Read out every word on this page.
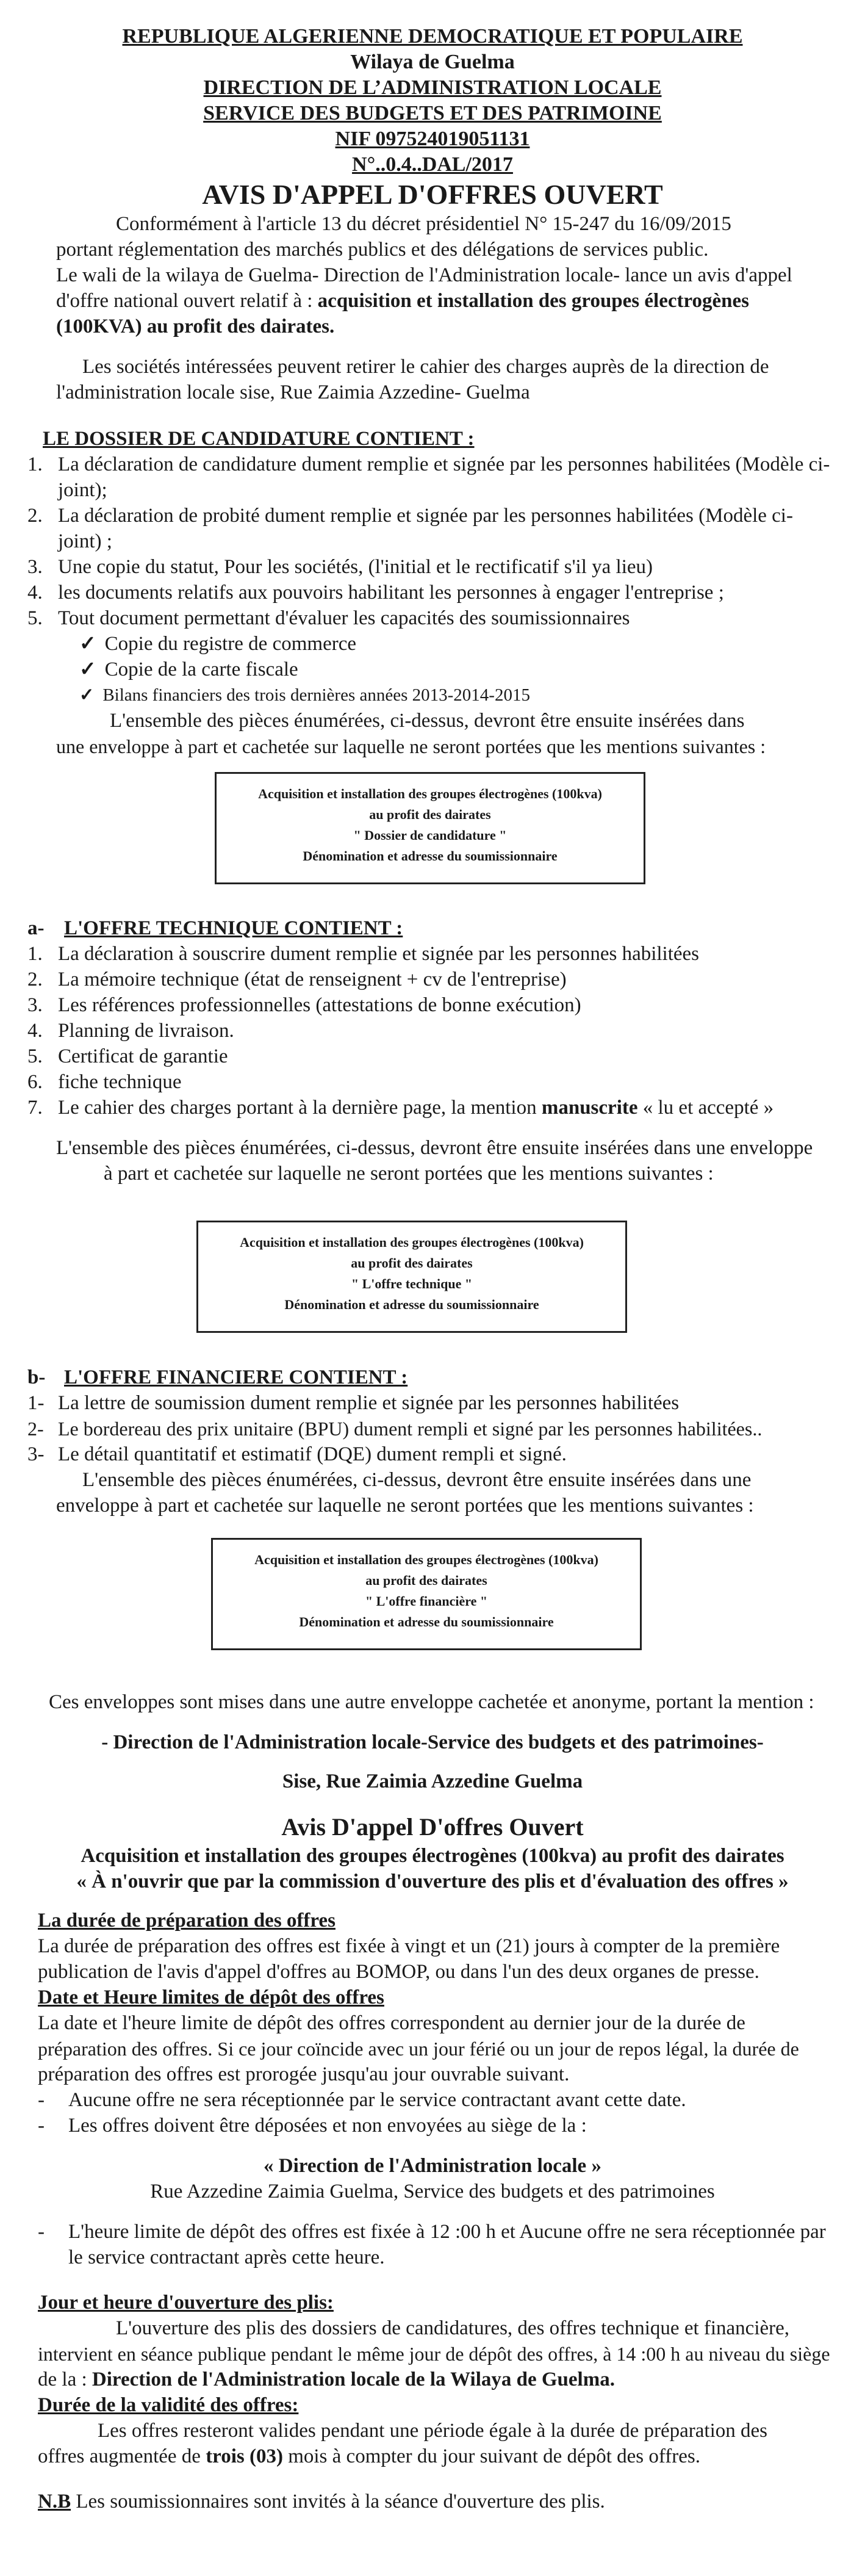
REPUBLIQUE ALGERIENNE DEMOCRATIQUE ET POPULAIRE
Wilaya de Guelma
DIRECTION DE L’ADMINISTRATION LOCALE
SERVICE DES BUDGETS ET DES PATRIMOINE
NIF 097524019051131
N°..0.4..DAL/2017
AVIS D'APPEL D'OFFRES OUVERT
Conformément à l'article 13 du décret présidentiel N° 15-247 du 16/09/2015
portant réglementation des marchés publics et des délégations de services public.
Le wali de la wilaya de Guelma- Direction de l'Administration locale- lance un avis d'appel
d'offre national ouvert relatif à : acquisition et installation des groupes électrogènes
(100KVA) au profit des dairates.
Les sociétés intéressées peuvent retirer le cahier des charges auprès de la direction de
l'administration locale sise, Rue Zaimia Azzedine- Guelma
LE DOSSIER DE CANDIDATURE CONTIENT :
1. La déclaration de candidature dument remplie et signée par les personnes habilitées (Modèle ci-
joint);
2. La déclaration de probité dument remplie et signée par les personnes habilitées (Modèle ci-
joint) ;
3. Une copie du statut, Pour les sociétés, (l'initial et le rectificatif s'il ya lieu)
4. les documents relatifs aux pouvoirs habilitant les personnes à engager l'entreprise ;
5. Tout document permettant d'évaluer les capacités des soumissionnaires
✓ Copie du registre de commerce
✓ Copie de la carte fiscale
✓ Bilans financiers des trois dernières années 2013-2014-2015
L'ensemble des pièces énumérées, ci-dessus, devront être ensuite insérées dans
une enveloppe à part et cachetée sur laquelle ne seront portées que les mentions suivantes :
Acquisition et installation des groupes électrogènes (100kva)
au profit des dairates
" Dossier de candidature "
Dénomination et adresse du soumissionnaire
a- L'OFFRE TECHNIQUE CONTIENT :
1. La déclaration à souscrire dument remplie et signée par les personnes habilitées
2. La mémoire technique (état de renseignent + cv de l'entreprise)
3. Les références professionnelles (attestations de bonne exécution)
4. Planning de livraison.
5. Certificat de garantie
6. fiche technique
7. Le cahier des charges portant à la dernière page, la mention manuscrite « lu et accepté »
L'ensemble des pièces énumérées, ci-dessus, devront être ensuite insérées dans une enveloppe
à part et cachetée sur laquelle ne seront portées que les mentions suivantes :
Acquisition et installation des groupes électrogènes (100kva)
au profit des dairates
" L'offre technique "
Dénomination et adresse du soumissionnaire
b- L'OFFRE FINANCIERE CONTIENT :
1- La lettre de soumission dument remplie et signée par les personnes habilitées
2- Le bordereau des prix unitaire (BPU) dument rempli et signé par les personnes habilitées..
3- Le détail quantitatif et estimatif (DQE) dument rempli et signé.
L'ensemble des pièces énumérées, ci-dessus, devront être ensuite insérées dans une
enveloppe à part et cachetée sur laquelle ne seront portées que les mentions suivantes :
Acquisition et installation des groupes électrogènes (100kva)
au profit des dairates
" L'offre financière "
Dénomination et adresse du soumissionnaire
Ces enveloppes sont mises dans une autre enveloppe cachetée et anonyme, portant la mention :
- Direction de l'Administration locale-Service des budgets et des patrimoines-
Sise, Rue Zaimia Azzedine Guelma
Avis D'appel D'offres Ouvert
Acquisition et installation des groupes électrogènes (100kva) au profit des dairates
« À n'ouvrir que par la commission d'ouverture des plis et d'évaluation des offres »
La durée de préparation des offres
La durée de préparation des offres est fixée à vingt et un (21) jours à compter de la première
publication de l'avis d'appel d'offres au BOMOP, ou dans l'un des deux organes de presse.
Date et Heure limites de dépôt des offres
La date et l'heure limite de dépôt des offres correspondent au dernier jour de la durée de
préparation des offres. Si ce jour coïncide avec un jour férié ou un jour de repos légal, la durée de
préparation des offres est prorogée jusqu'au jour ouvrable suivant.
- Aucune offre ne sera réceptionnée par le service contractant avant cette date.
- Les offres doivent être déposées et non envoyées au siège de la :
« Direction de l'Administration locale »
Rue Azzedine Zaimia Guelma, Service des budgets et des patrimoines
- L'heure limite de dépôt des offres est fixée à 12 :00 h et Aucune offre ne sera réceptionnée par
le service contractant après cette heure.
Jour et heure d'ouverture des plis:
L'ouverture des plis des dossiers de candidatures, des offres technique et financière,
intervient en séance publique pendant le même jour de dépôt des offres, à 14 :00 h au niveau du siège
de la : Direction de l'Administration locale de la Wilaya de Guelma.
Durée de la validité des offres:
Les offres resteront valides pendant une période égale à la durée de préparation des
offres augmentée de trois (03) mois à compter du jour suivant de dépôt des offres.
N.B Les soumissionnaires sont invités à la séance d'ouverture des plis.
